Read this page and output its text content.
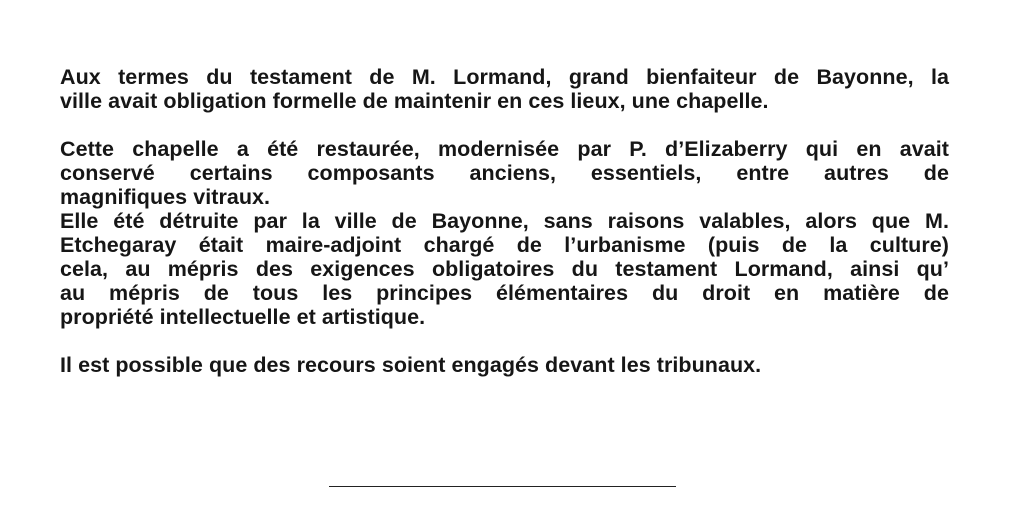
Aux termes du testament de M. Lormand, grand bienfaiteur de Bayonne, la
ville avait obligation formelle de maintenir en ces lieux, une chapelle.
Cette chapelle a été restaurée, modernisée par P. d’Elizaberry qui en avait
conservé certains composants anciens, essentiels, entre autres de
magnifiques vitraux.
Elle été détruite par la ville de Bayonne, sans raisons valables, alors que M.
Etchegaray était maire-adjoint chargé de l’urbanisme (puis de la culture)
cela, au mépris des exigences obligatoires du testament Lormand, ainsi qu’
au mépris de tous les principes élémentaires du droit en matière de
propriété intellectuelle et artistique.
Il est possible que des recours soient engagés devant les tribunaux.
